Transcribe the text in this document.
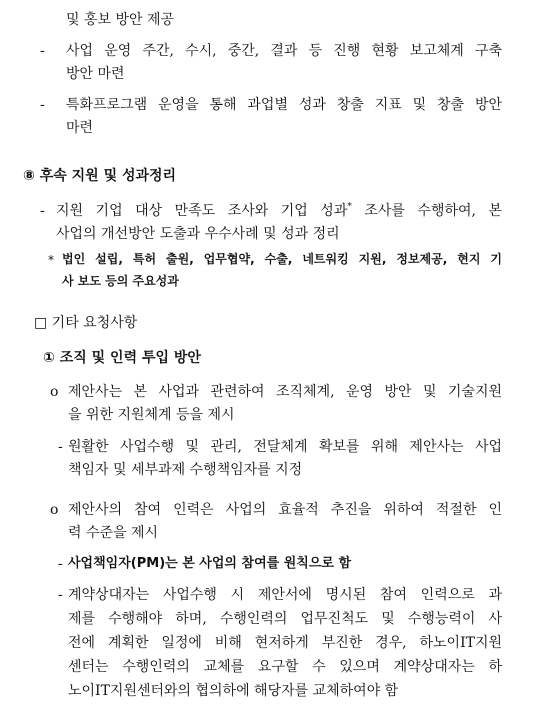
및 홍보 방안 제공
- 사업 운영 주간, 수시, 중간, 결과 등 진행 현황 보고체계 구축
방안 마련
- 특화프로그램 운영을 통해 과업별 성과 창출 지표 및 창출 방안
마련
⑧ 후속 지원 및 성과정리
- 지원 기업 대상 만족도 조사와 기업 성과* 조사를 수행하여, 본
사업의 개선방안 도출과 우수사례 및 성과 정리
* 법인 설립, 특허 출원, 업무협약, 수출, 네트워킹 지원, 정보제공, 현지 기
사 보도 등의 주요성과
□ 기타 요청사항
① 조직 및 인력 투입 방안
o 제안사는 본 사업과 관련하여 조직체계, 운영 방안 및 기술지원
을 위한 지원체계 등을 제시
- 원활한 사업수행 및 관리, 전달체계 확보를 위해 제안사는 사업
책임자 및 세부과제 수행책임자를 지정
o 제안사의 참여 인력은 사업의 효율적 추진을 위하여 적절한 인
력 수준을 제시
- 사업책임자(PM)는 본 사업의 참여를 원칙으로 함
- 계약상대자는 사업수행 시 제안서에 명시된 참여 인력으로 과
제를 수행해야 하며, 수행인력의 업무진척도 및 수행능력이 사
전에 계획한 일정에 비해 현저하게 부진한 경우, 하노이IT지원
센터는 수행인력의 교체를 요구할 수 있으며 계약상대자는 하
노이IT지원센터와의 협의하에 해당자를 교체하여야 함
